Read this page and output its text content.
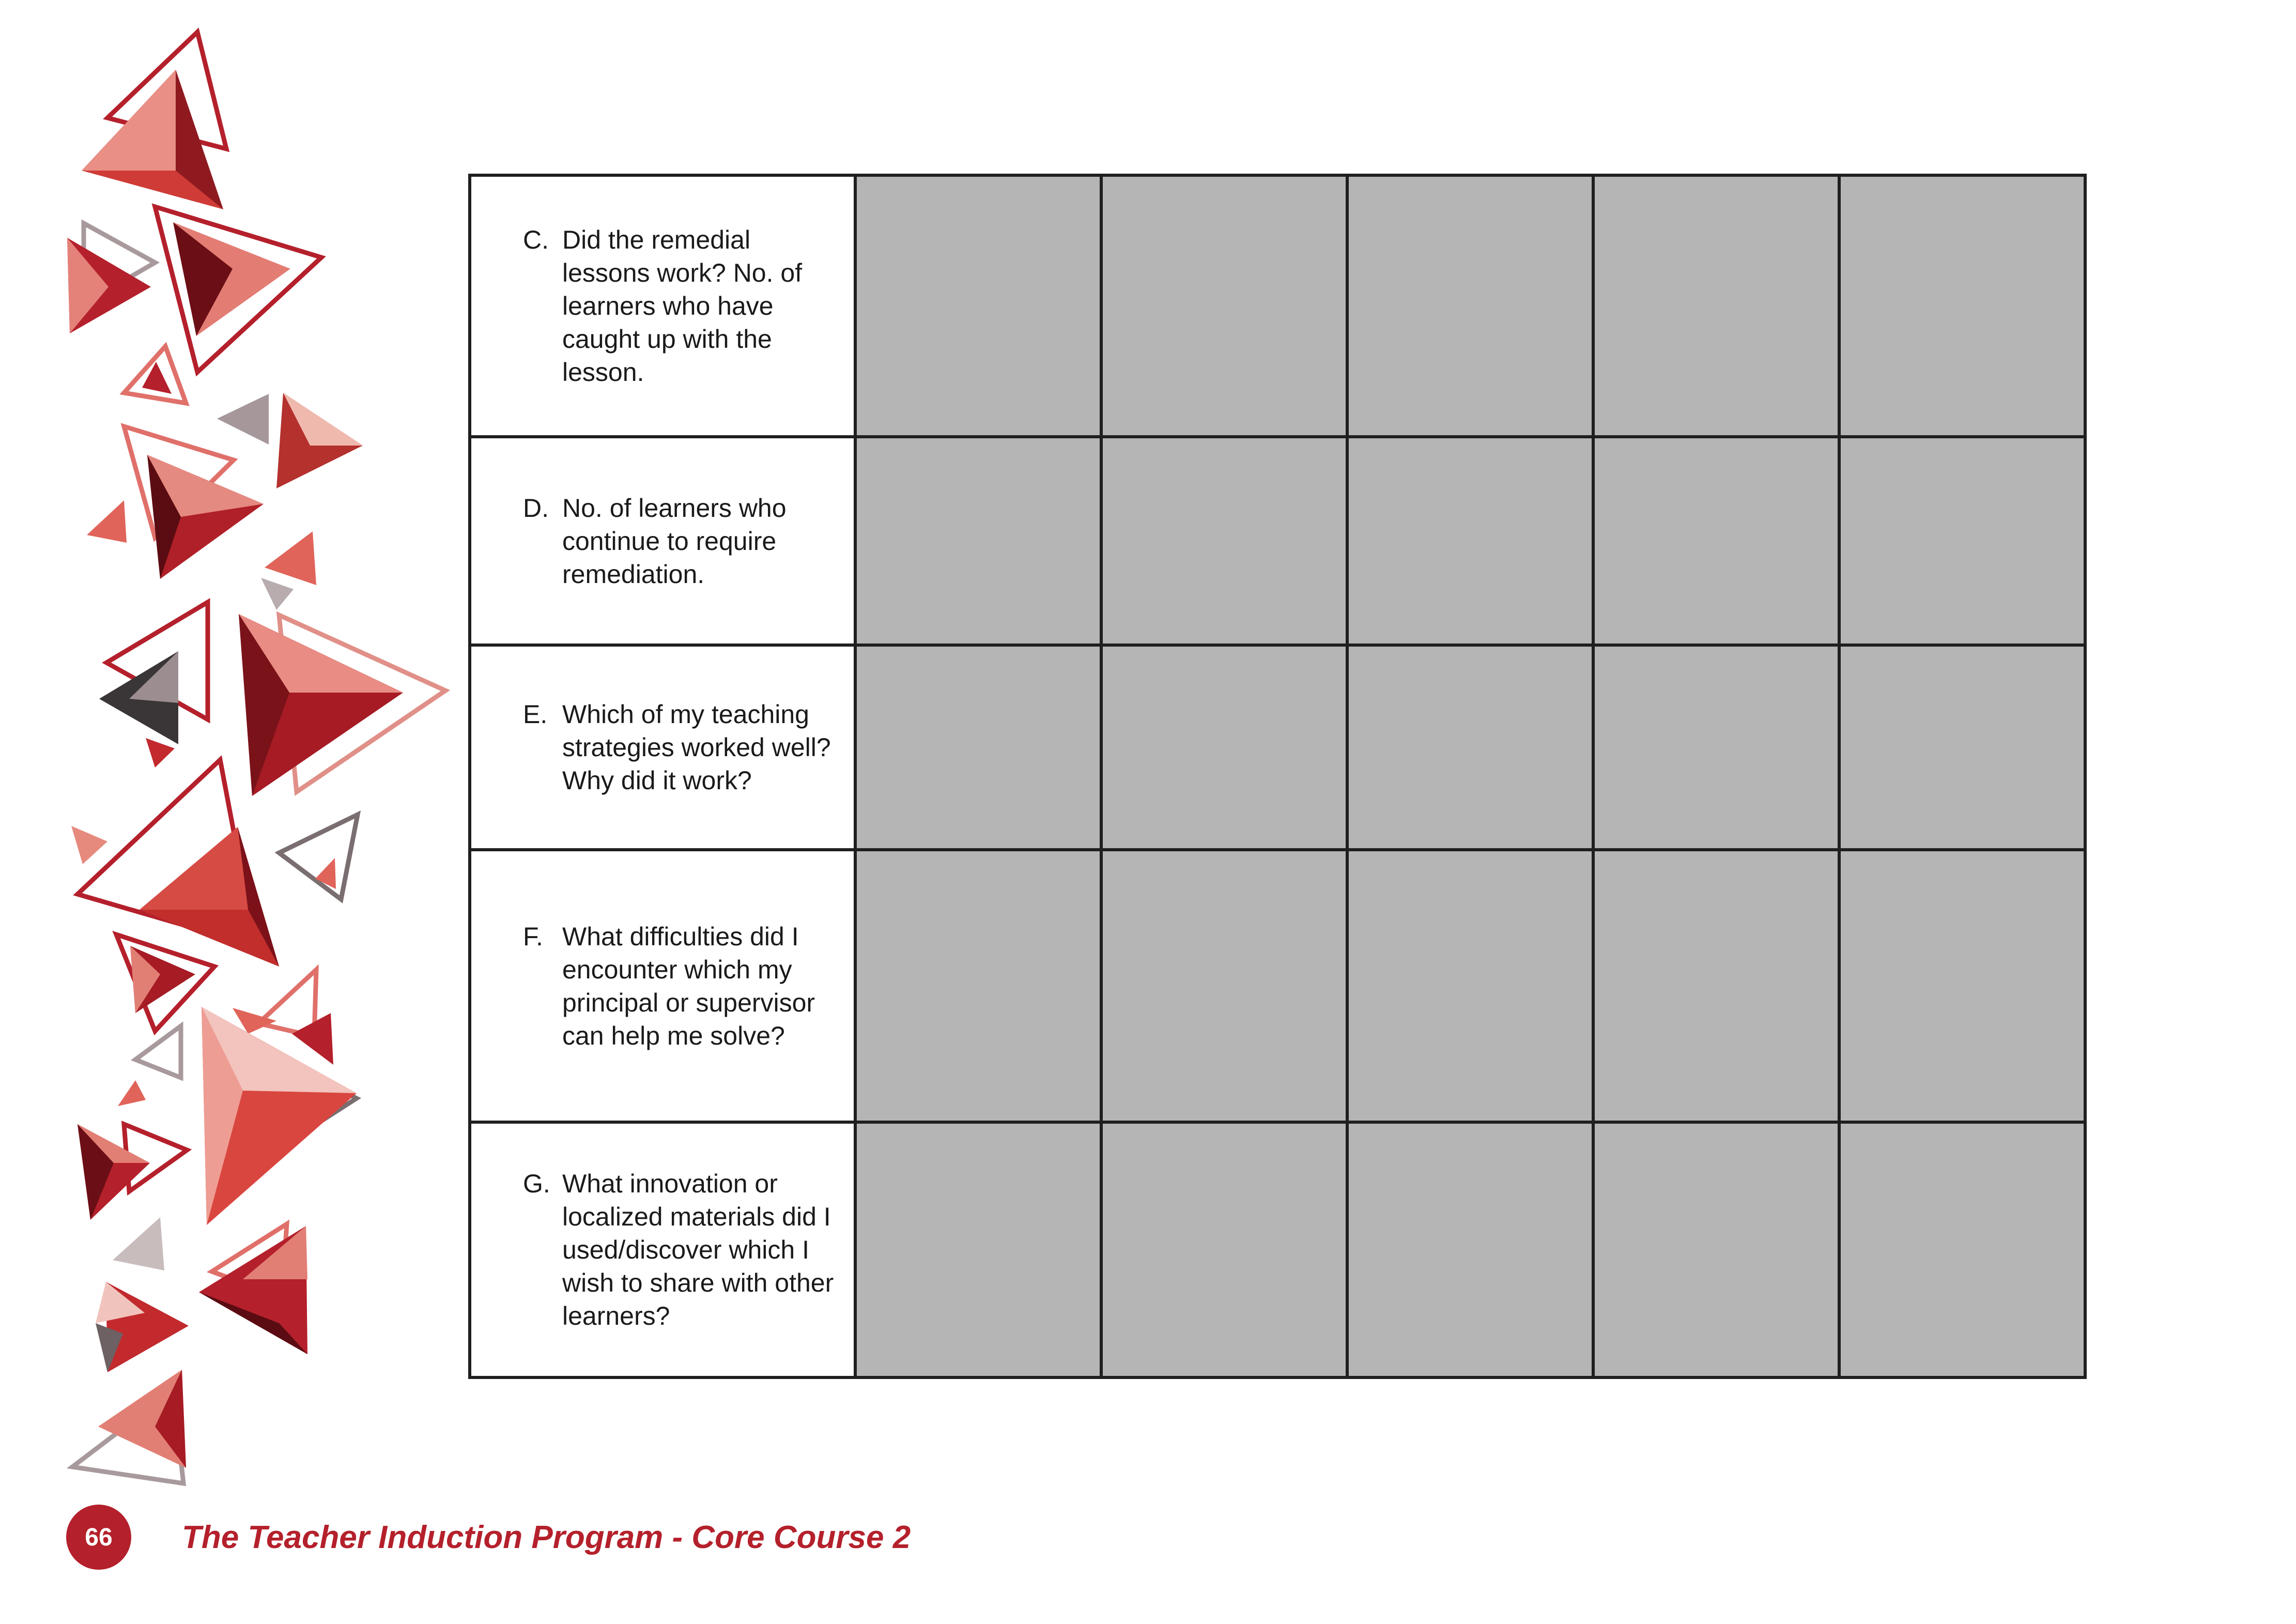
C. Did the remedial lessons work? No. of learners who have caught up with the lesson.					

D. No. of learners who continue to require remediation.					

E. Which of my teaching strategies worked well? Why did it work?					

F. What difficulties did I encounter which my principal or supervisor can help me solve?					

G. What innovation or localized materials did I used/discover which I wish to share with other learners?					

66	The Teacher Induction Program - Core Course 2
